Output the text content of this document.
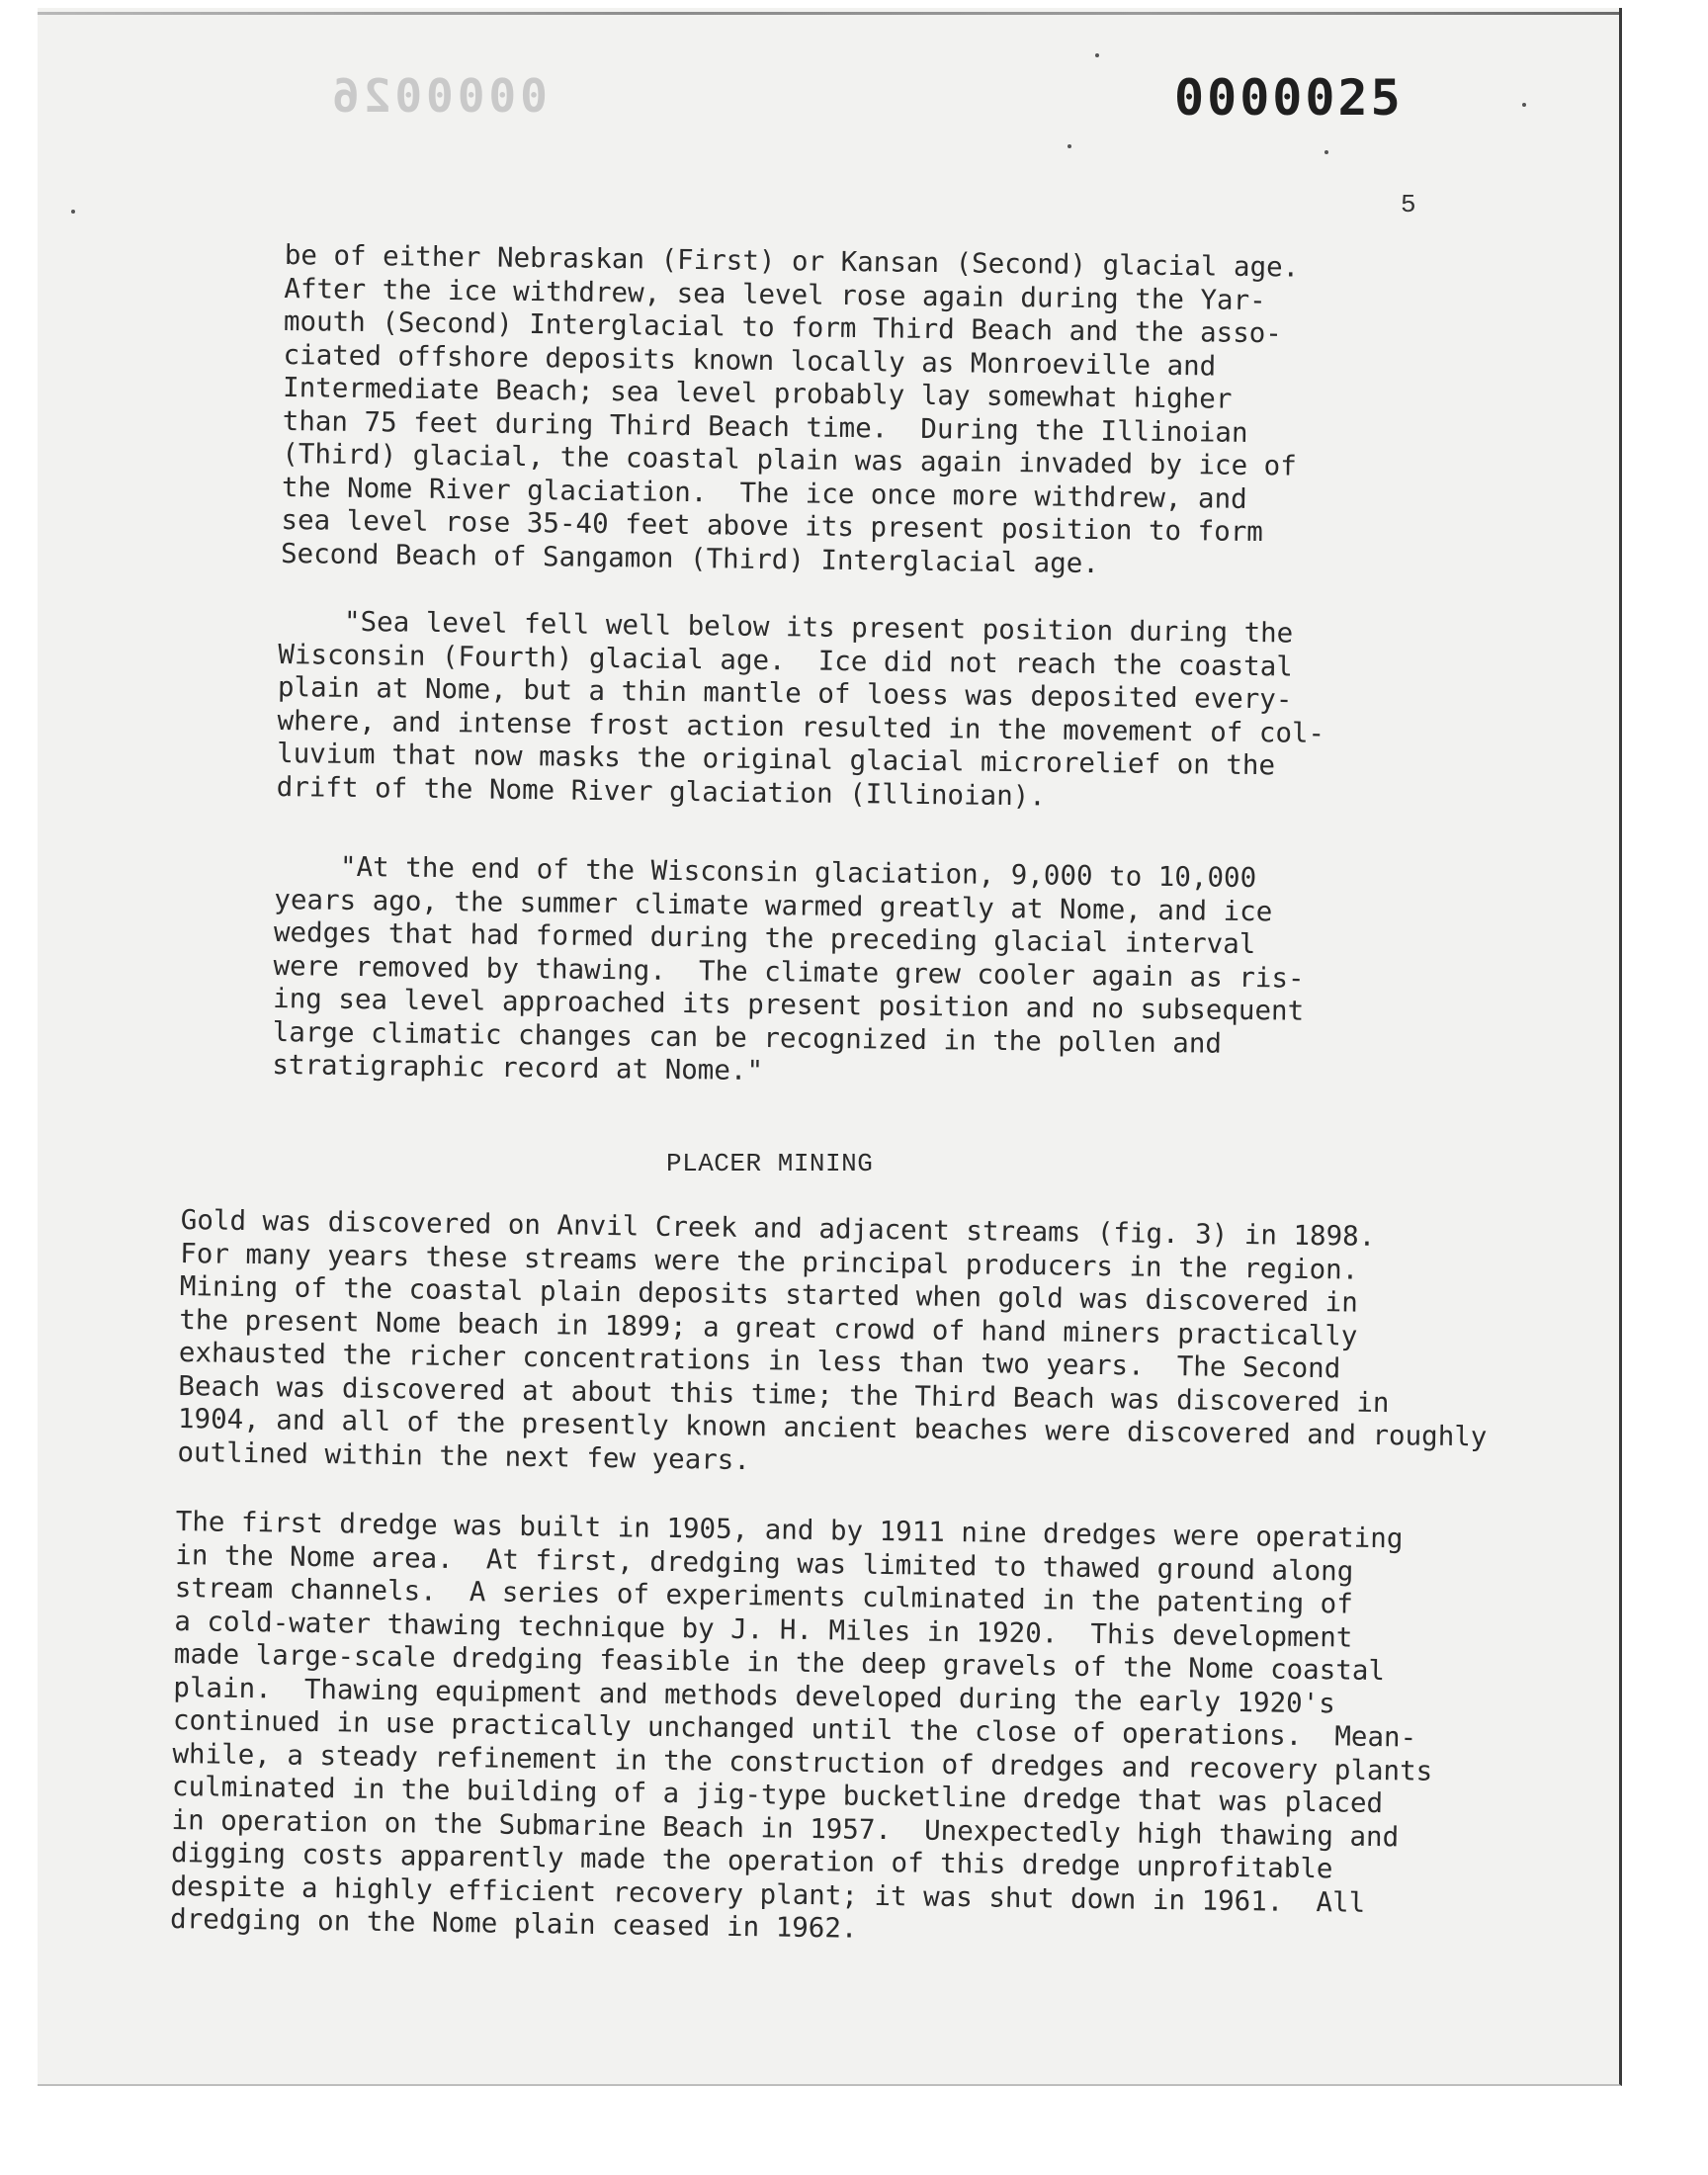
0000026	0000025
5
be of either Nebraskan (First) or Kansan (Second) glacial age.
After the ice withdrew, sea level rose again during the Yar-
mouth (Second) Interglacial to form Third Beach and the asso-
ciated offshore deposits known locally as Monroeville and
Intermediate Beach; sea level probably lay somewhat higher
than 75 feet during Third Beach time.  During the Illinoian
(Third) glacial, the coastal plain was again invaded by ice of
the Nome River glaciation.  The ice once more withdrew, and
sea level rose 35-40 feet above its present position to form
Second Beach of Sangamon (Third) Interglacial age.
"Sea level fell well below its present position during the
Wisconsin (Fourth) glacial age.  Ice did not reach the coastal
plain at Nome, but a thin mantle of loess was deposited every-
where, and intense frost action resulted in the movement of col-
luvium that now masks the original glacial microrelief on the
drift of the Nome River glaciation (Illinoian).
"At the end of the Wisconsin glaciation, 9,000 to 10,000
years ago, the summer climate warmed greatly at Nome, and ice
wedges that had formed during the preceding glacial interval
were removed by thawing.  The climate grew cooler again as ris-
ing sea level approached its present position and no subsequent
large climatic changes can be recognized in the pollen and
stratigraphic record at Nome."
PLACER MINING
Gold was discovered on Anvil Creek and adjacent streams (fig. 3) in 1898.
For many years these streams were the principal producers in the region.
Mining of the coastal plain deposits started when gold was discovered in
the present Nome beach in 1899; a great crowd of hand miners practically
exhausted the richer concentrations in less than two years.  The Second
Beach was discovered at about this time; the Third Beach was discovered in
1904, and all of the presently known ancient beaches were discovered and roughly
outlined within the next few years.
The first dredge was built in 1905, and by 1911 nine dredges were operating
in the Nome area.  At first, dredging was limited to thawed ground along
stream channels.  A series of experiments culminated in the patenting of
a cold-water thawing technique by J. H. Miles in 1920.  This development
made large-scale dredging feasible in the deep gravels of the Nome coastal
plain.  Thawing equipment and methods developed during the early 1920's
continued in use practically unchanged until the close of operations.  Mean-
while, a steady refinement in the construction of dredges and recovery plants
culminated in the building of a jig-type bucketline dredge that was placed
in operation on the Submarine Beach in 1957.  Unexpectedly high thawing and
digging costs apparently made the operation of this dredge unprofitable
despite a highly efficient recovery plant; it was shut down in 1961.  All
dredging on the Nome plain ceased in 1962.
